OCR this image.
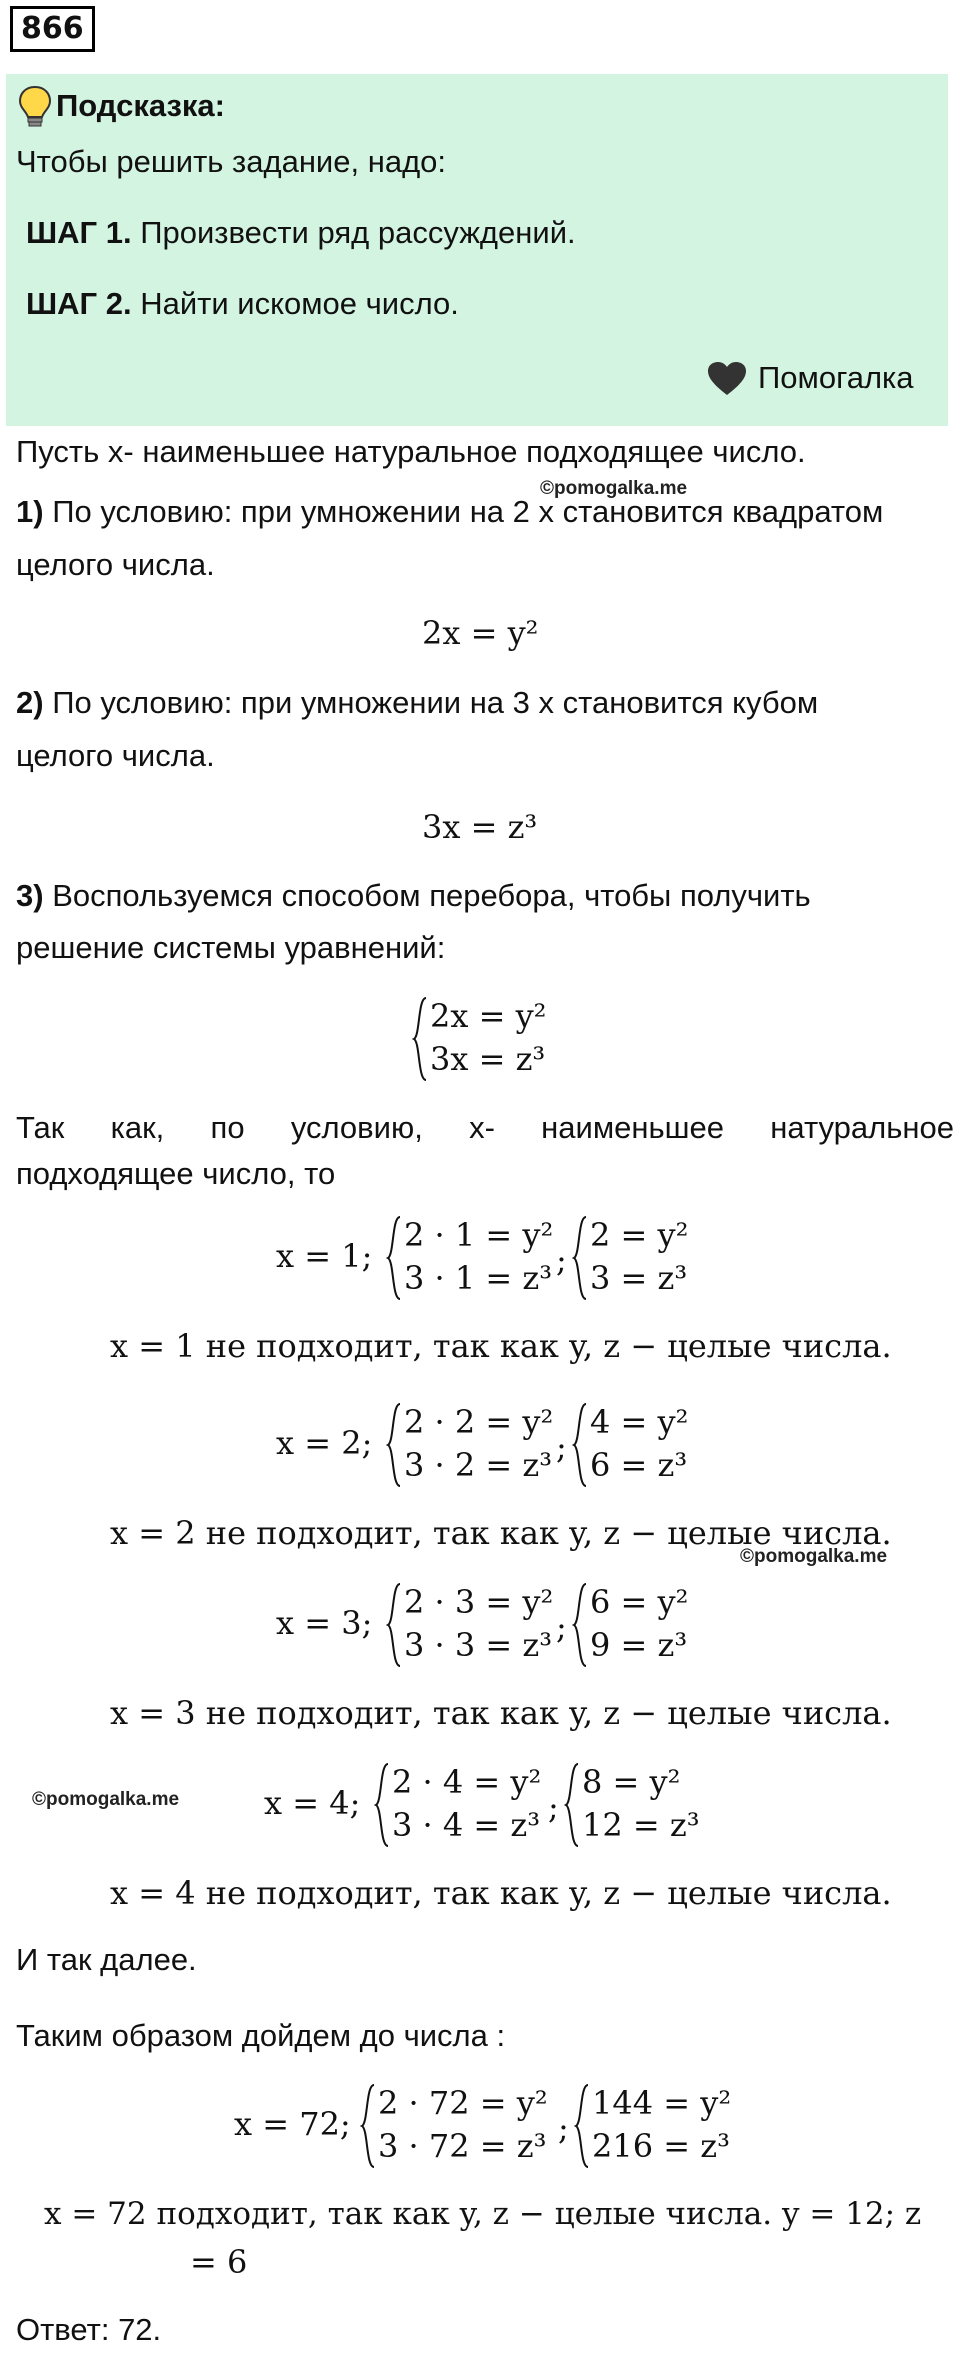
866
Подсказка:
Чтобы решить задание, надо:
ШАГ 1. Произвести ряд рассуждений.
ШАГ 2. Найти искомое число.
Помогалка
Пусть х- наименьшее натуральное подходящее число.
©pomogalka.me
1) По условию: при умножении на 2 х становится квадратом
целого числа.
2x = y²
2) По условию: при умножении на 3 х становится кубом
целого числа.
3x = z³
3) Воспользуемся способом перебора, чтобы получить
решение системы уравнений:
2x = y²
3x = z³
Так как, по условию, х- наименьшее натуральное
подходящее число, то
x = 1;
2 · 1 = y²
3 · 1 = z³ ;
2 = y²
3 = z³
x = 1 не подходит, так как y, z − целые числа.
x = 2;
2 · 2 = y²
3 · 2 = z³ ;
4 = y²
6 = z³
x = 2 не подходит, так как y, z − целые числа.
©pomogalka.me
x = 3;
2 · 3 = y²
3 · 3 = z³ ;
6 = y²
9 = z³
x = 3 не подходит, так как y, z − целые числа.
©pomogalka.me	x = 4;
2 · 4 = y²
3 · 4 = z³ ;
8 = y²
12 = z³
x = 4 не подходит, так как y, z − целые числа.
И так далее.
Таким образом дойдем до числа :
x = 72;
2 · 72 = y²
3 · 72 = z³ ;
144 = y²
216 = z³
x = 72 подходит, так как y, z − целые числа. y = 12; z
= 6
Ответ: 72.
